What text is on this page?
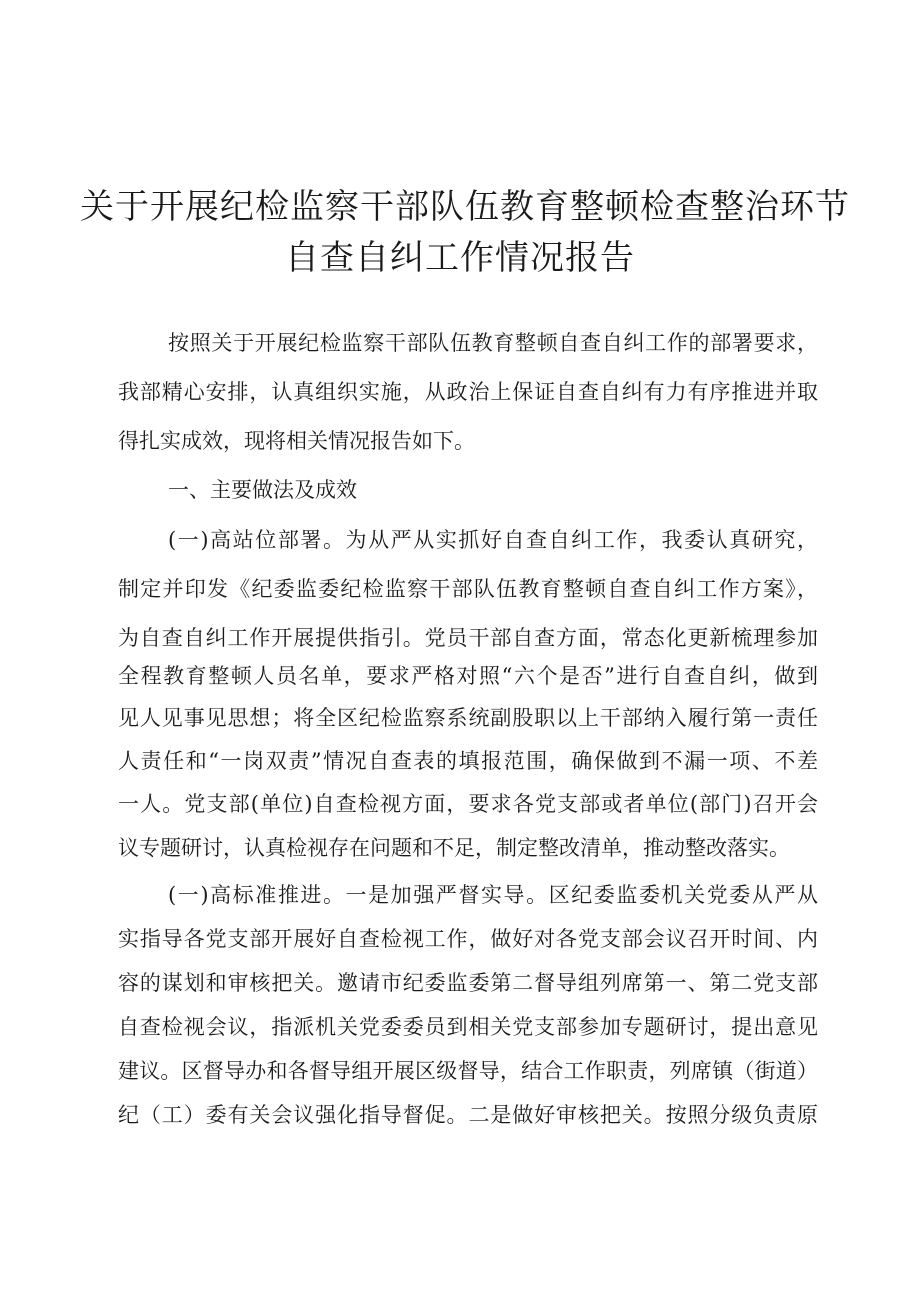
关于开展纪检监察干部队伍教育整顿检查整治环节
自查自纠工作情况报告
按照关于开展纪检监察干部队伍教育整顿自查自纠工作的部署要求，
我部精心安排，认真组织实施，从政治上保证自查自纠有力有序推进并取
得扎实成效，现将相关情况报告如下。
一、主要做法及成效
(一)高站位部署。为从严从实抓好自查自纠工作，我委认真研究，
制定并印发《纪委监委纪检监察干部队伍教育整顿自查自纠工作方案》，
为自查自纠工作开展提供指引。党员干部自查方面，常态化更新梳理参加
全程教育整顿人员名单，要求严格对照“六个是否”进行自查自纠，做到
见人见事见思想；将全区纪检监察系统副股职以上干部纳入履行第一责任
人责任和“一岗双责”情况自查表的填报范围，确保做到不漏一项、不差
一人。党支部(单位)自查检视方面，要求各党支部或者单位(部门)召开会
议专题研讨，认真检视存在问题和不足，制定整改清单，推动整改落实。
(一)高标准推进。一是加强严督实导。区纪委监委机关党委从严从
实指导各党支部开展好自查检视工作，做好对各党支部会议召开时间、内
容的谋划和审核把关。邀请市纪委监委第二督导组列席第一、第二党支部
自查检视会议，指派机关党委委员到相关党支部参加专题研讨，提出意见
建议。区督导办和各督导组开展区级督导，结合工作职责，列席镇（街道）
纪（工）委有关会议强化指导督促。二是做好审核把关。按照分级负责原
